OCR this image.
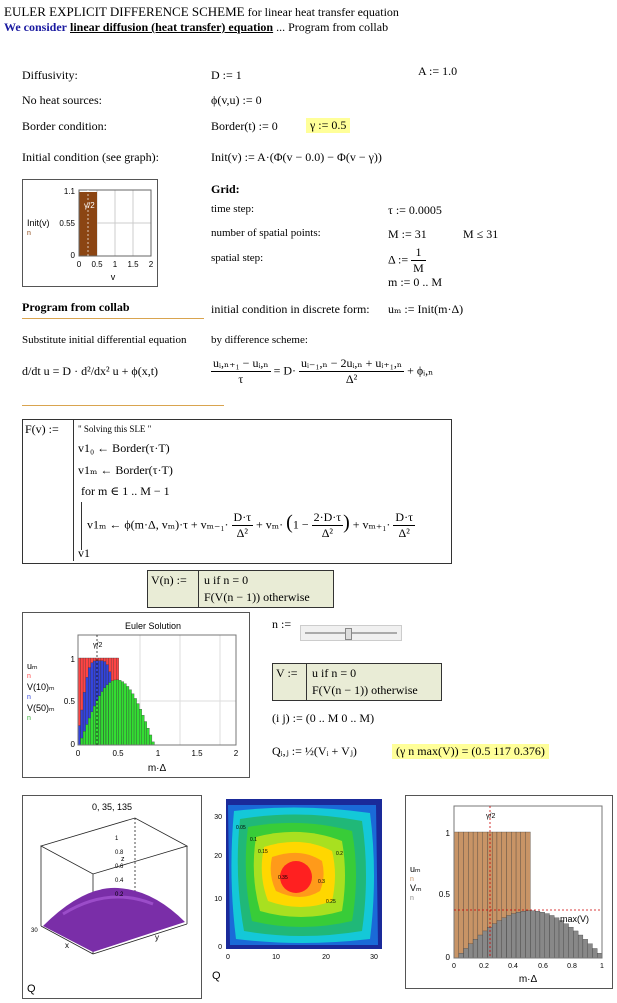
EULER EXPLICIT DIFFERENCE SCHEME for linear heat transfer equation
We consider linear diffusion (heat transfer) equation ... Program from collab
A := 1.0
Diffusivity:	D := 1
No heat sources:	ϕ(v,u) := 0
Border condition:	Border(t) := 0	γ := 0.5
Initial condition (see graph):	Init(v) := A·(Φ(v − 0.0) − Φ(v − γ))
γ/2
1.1
0.55
0
0 0.5 1 1.5 2
v
Init(v)
n
Grid:
time step:	τ := 0.0005
number of spatial points:	M := 31	M ≤ 31
spatial step:	Δ := $\frac{1}{M}$
m := 0 .. M
Program from collab	initial condition in discrete form: uₘ := Init(m·Δ)
Substitute initial differential equation by difference scheme:
d/dt u = D · d²/dx² u + ϕ(x,t)	$\frac{\text{uᵢ,ₙ₊₁ − uᵢ,ₙ}}{\tau} = D\cdot \frac{\text{uᵢ₋₁,ₙ − 2uᵢ,ₙ + uᵢ₊₁,ₙ}}{\text{Δ²}}$ + ϕᵢ,ₙ
F(v) := " Solving this SLE "
v1₀ ← Border(τ·T)
v1ₘ ← Border(τ·T)
for m ∈ 1 .. M − 1
v1ₘ ← ϕ(m·Δ, $v_m)\cdot\tau + v_{m-1}\cdot \frac{D\cdot\tau}{\text{Δ²}} + v_m\cdot (1 - \frac{2\cdot D\cdot\tau}{\text{Δ²}}$ ) + $v_{m+1}\cdot \frac{D\cdot\tau}{\text{Δ²}}$
v1
V(n) := u if n = 0
F(V(n − 1)) otherwise
Euler Solution
γ/2
1
0.5
0
0	0.5	1	1.5	2
m·Δ
uₘ
n
V(10)ₘ
n
V(50)ₘ
n
n :=
V := u if n = 0
F(V(n − 1)) otherwise
(i j) := (0 .. M 0 .. M)
Qᵢ,ⱼ := ½(Vᵢ + Vⱼ)	(γ n max(V)) = (0.5 117 0.376)
0, 35, 135
1
0.8
0.6
0.4
0.2
z
x
y
30
Q
0.05
0.1
0.15	0.2
0.25
0.3
0.35
30
20
10
0
0	10	20	30
Q
γ/2
max(V)
1
0.5
0
0	0.2	0.4	0.6	0.8	1
m·Δ
uₘ
n
Vₘ
n
